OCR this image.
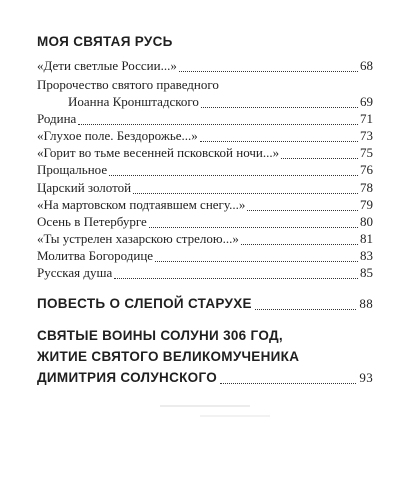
МОЯ СВЯТАЯ РУСЬ
«Дети светлые России...»	68
Пророчество святого праведного
Иоанна Кронштадского	69
Родина	71
«Глухое поле. Бездорожье...»	73
«Горит во тьме весенней псковской ночи...»	75
Прощальное	76
Царский золотой	78
«На мартовском подтаявшем снегу...»	79
Осень в Петербурге	80
«Ты устрелен хазарскою стрелою...»	81
Молитва Богородице	83
Русская душа	85
ПОВЕСТЬ О СЛЕПОЙ СТАРУХЕ	88
СВЯТЫЕ ВОИНЫ СОЛУНИ 306 ГОД,
ЖИТИЕ СВЯТОГО ВЕЛИКОМУЧЕНИКА
ДИМИТРИЯ СОЛУНСКОГО	93
